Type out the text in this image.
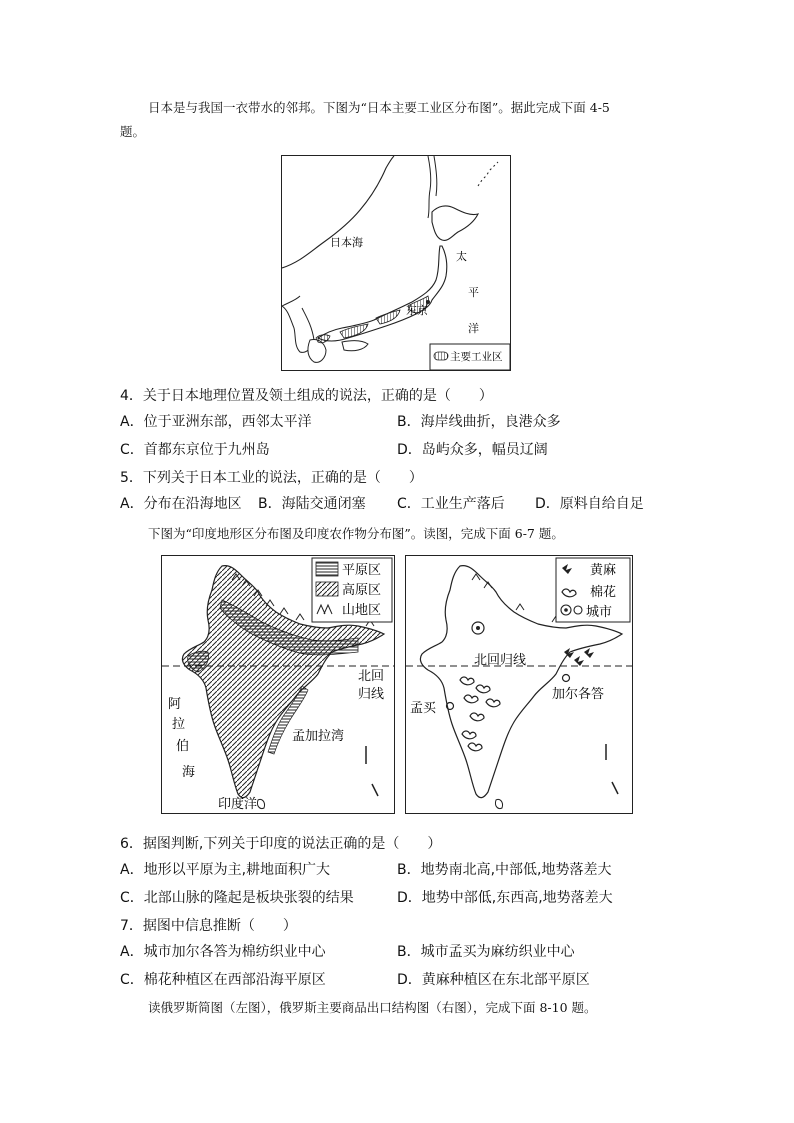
日本是与我国一衣带水的邻邦。下图为“日本主要工业区分布图”。据此完成下面 4-5
题。
日本海
太
平
洋
东京
主要工业区
4．关于日本地理位置及领土组成的说法，正确的是（　　）
A．位于亚洲东部，西邻太平洋	B．海岸线曲折，良港众多
C．首都东京位于九州岛	D．岛屿众多，幅员辽阔
5．下列关于日本工业的说法，正确的是（　　）
A．分布在沿海地区 B．海陆交通闭塞 C．工业生产落后 D．原料自给自足
下图为“印度地形区分布图及印度农作物分布图”。读图，完成下面 6-7 题。
平原区
高原区
山地区
北回
归线
阿
拉
伯
海
孟加拉湾
印度洋
黄麻
棉花
城市
北回归线
加尔各答
孟买
6．据图判断,下列关于印度的说法正确的是（　　）
A．地形以平原为主,耕地面积广大	B．地势南北高,中部低,地势落差大
C．北部山脉的隆起是板块张裂的结果	D．地势中部低,东西高,地势落差大
7．据图中信息推断（　　）
A．城市加尔各答为棉纺织业中心	B．城市孟买为麻纺织业中心
C．棉花种植区在西部沿海平原区	D．黄麻种植区在东北部平原区
读俄罗斯简图（左图），俄罗斯主要商品出口结构图（右图），完成下面 8-10 题。
